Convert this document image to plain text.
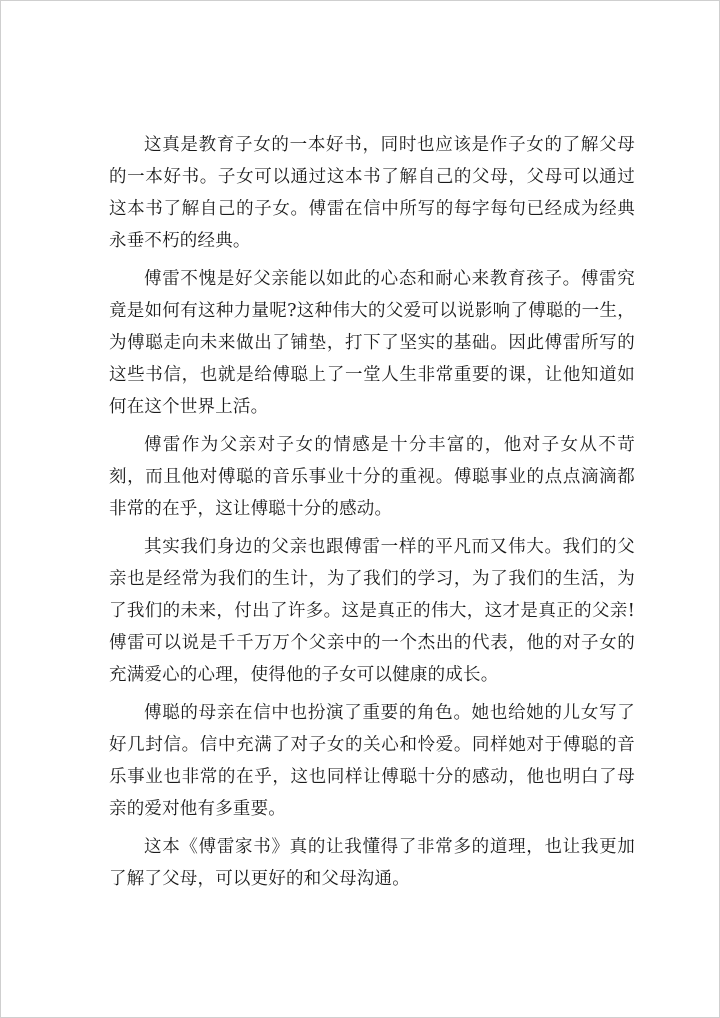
这真是教育子女的一本好书，同时也应该是作子女的了解父母的一本好书。子女可以通过这本书了解自己的父母，父母可以通过这本书了解自己的子女。傅雷在信中所写的每字每句已经成为经典永垂不朽的经典。

傅雷不愧是好父亲能以如此的心态和耐心来教育孩子。傅雷究竟是如何有这种力量呢?这种伟大的父爱可以说影响了傅聪的一生，为傅聪走向未来做出了铺垫，打下了坚实的基础。因此傅雷所写的这些书信，也就是给傅聪上了一堂人生非常重要的课，让他知道如何在这个世界上活。

傅雷作为父亲对子女的情感是十分丰富的，他对子女从不苛刻，而且他对傅聪的音乐事业十分的重视。傅聪事业的点点滴滴都非常的在乎，这让傅聪十分的感动。

其实我们身边的父亲也跟傅雷一样的平凡而又伟大。我们的父亲也是经常为我们的生计，为了我们的学习，为了我们的生活，为了我们的未来，付出了许多。这是真正的伟大，这才是真正的父亲!傅雷可以说是千千万万个父亲中的一个杰出的代表，他的对子女的充满爱心的心理，使得他的子女可以健康的成长。

傅聪的母亲在信中也扮演了重要的角色。她也给她的儿女写了好几封信。信中充满了对子女的关心和怜爱。同样她对于傅聪的音乐事业也非常的在乎，这也同样让傅聪十分的感动，他也明白了母亲的爱对他有多重要。

这本《傅雷家书》真的让我懂得了非常多的道理，也让我更加了解了父母，可以更好的和父母沟通。
